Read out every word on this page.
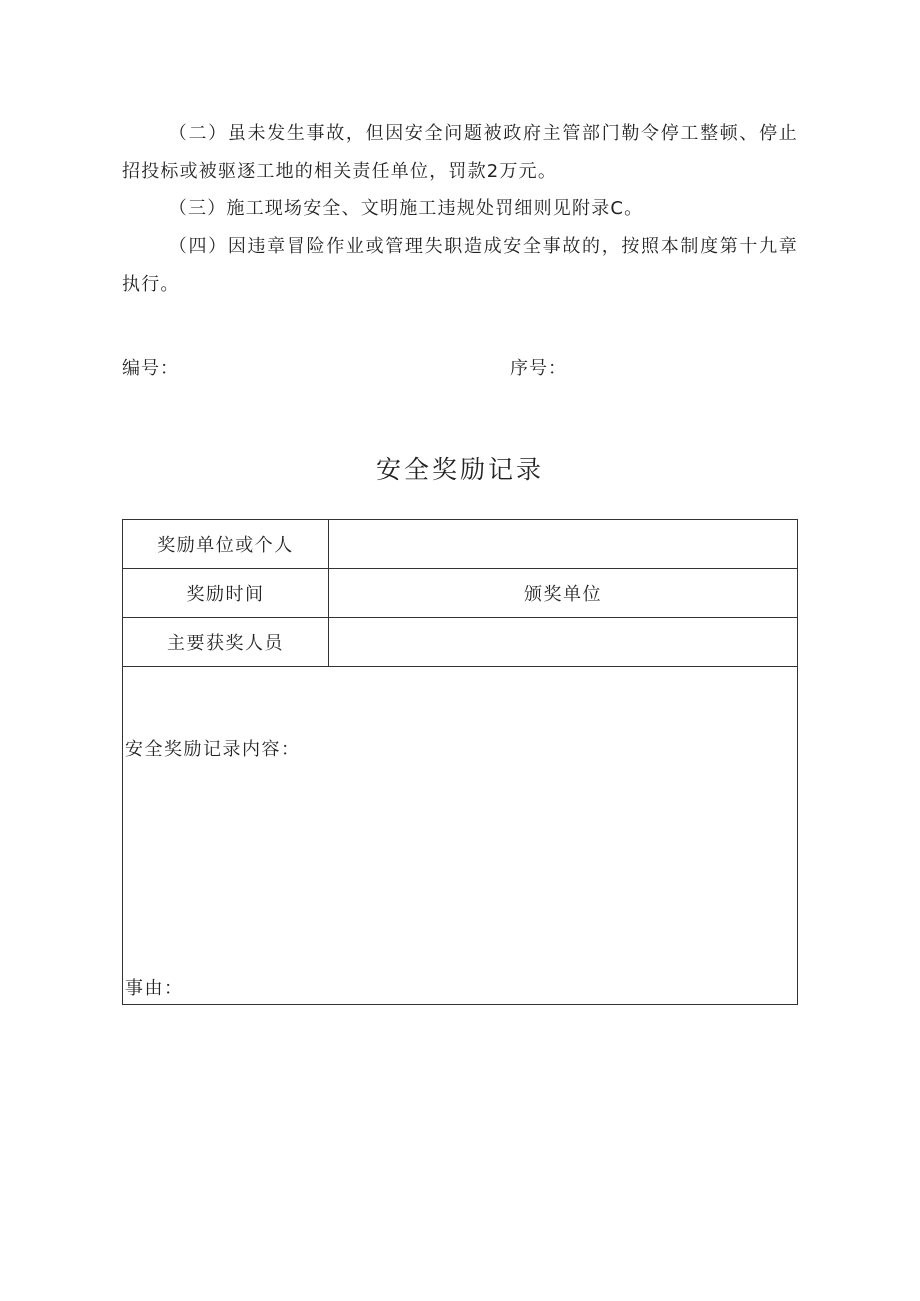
（二）虽未发生事故，但因安全问题被政府主管部门勒令停工整顿、停止招投标或被驱逐工地的相关责任单位，罚款2万元。

（三）施工现场安全、文明施工违规处罚细则见附录C。

（四）因违章冒险作业或管理失职造成安全事故的，按照本制度第十九章执行。

编号：	序号：
安全奖励记录
奖励单位或个人	
奖励时间	颁奖单位
主要获奖人员	

安全奖励记录内容：
事由：	
